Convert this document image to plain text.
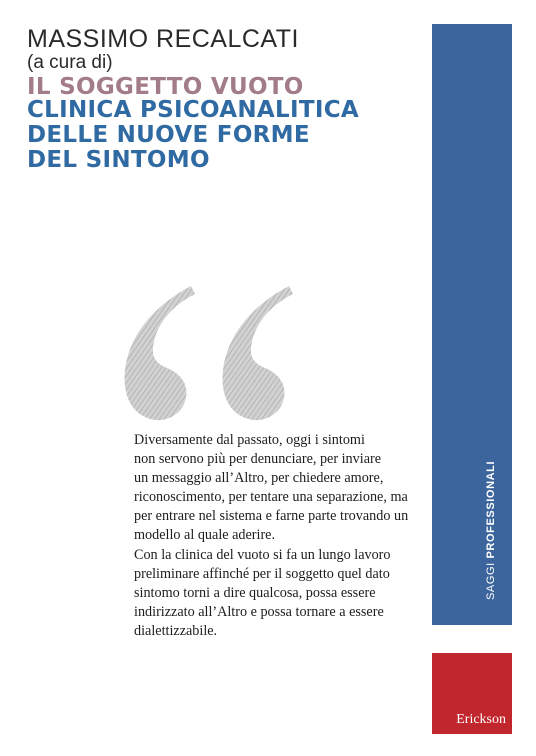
MASSIMO RECALCATI
(a cura di)
IL SOGGETTO VUOTO
CLINICA PSICOANALITICA
DELLE NUOVE FORME
DEL SINTOMO

Diversamente dal passato, oggi i sintomi

non servono più per denunciare, per inviare

un messaggio all’Altro, per chiedere amore,

riconoscimento, per tentare una separazione, ma

per entrare nel sistema e farne parte trovando un

modello al quale aderire.

Con la clinica del vuoto si fa un lungo lavoro

preliminare affinché per il soggetto quel dato

sintomo torni a dire qualcosa, possa essere

indirizzato all’Altro e possa tornare a essere

dialettizzabile.

SAGGI PROFESSIONALI
Erickson
